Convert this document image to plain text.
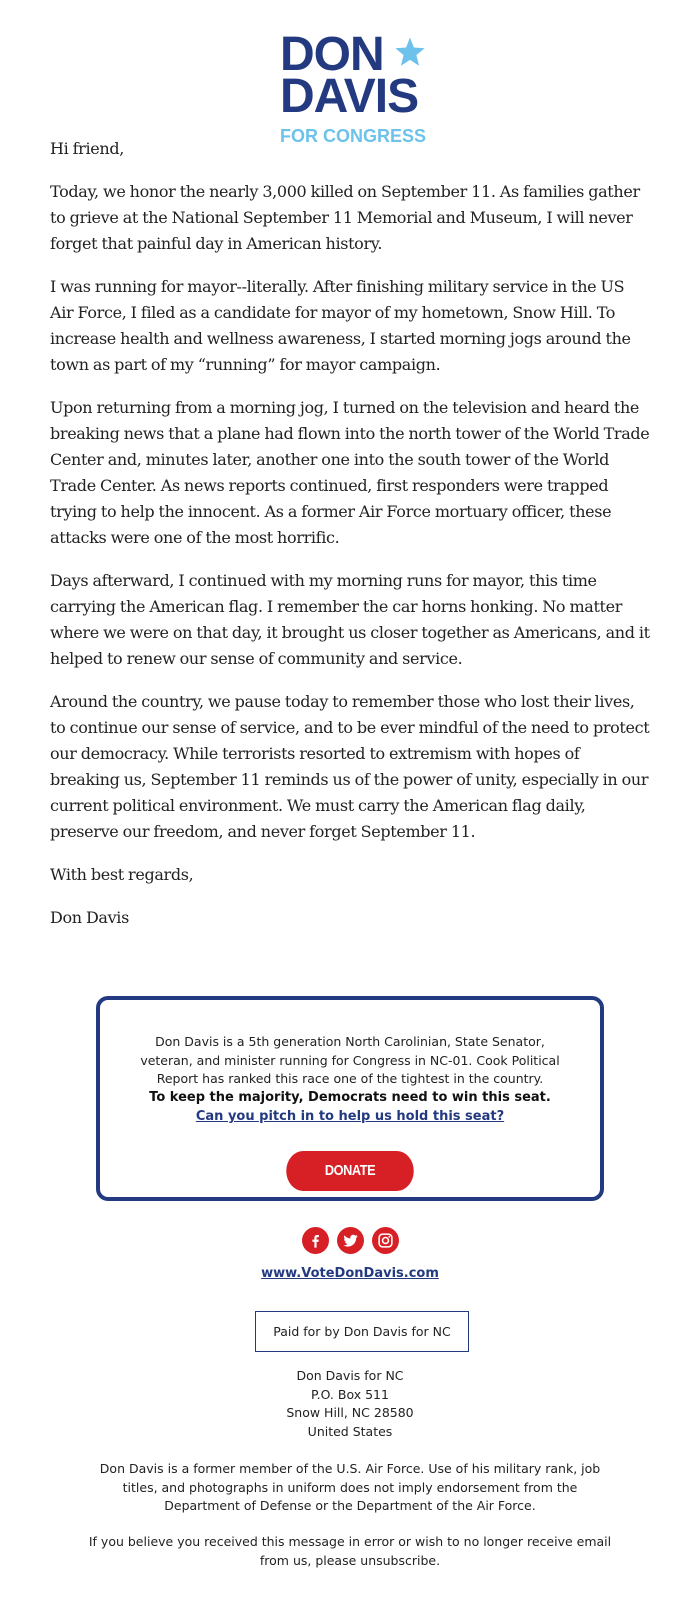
DON
DAVIS
FOR CONGRESS

Hi friend,

Today, we honor the nearly 3,000 killed on September 11. As families gather to grieve at the National September 11 Memorial and Museum, I will never forget that painful day in American history.

I was running for mayor--literally. After finishing military service in the US Air Force, I filed as a candidate for mayor of my hometown, Snow Hill. To increase health and wellness awareness, I started morning jogs around the town as part of my “running” for mayor campaign.

Upon returning from a morning jog, I turned on the television and heard the breaking news that a plane had flown into the north tower of the World Trade Center and, minutes later, another one into the south tower of the World Trade Center. As news reports continued, first responders were trapped trying to help the innocent. As a former Air Force mortuary officer, these attacks were one of the most horrific.

Days afterward, I continued with my morning runs for mayor, this time carrying the American flag. I remember the car horns honking. No matter where we were on that day, it brought us closer together as Americans, and it helped to renew our sense of community and service.

Around the country, we pause today to remember those who lost their lives, to continue our sense of service, and to be ever mindful of the need to protect our democracy. While terrorists resorted to extremism with hopes of breaking us, September 11 reminds us of the power of unity, especially in our current political environment. We must carry the American flag daily, preserve our freedom, and never forget September 11.

With best regards,

Don Davis

Don Davis is a 5th generation North Carolinian, State Senator, veteran, and minister running for Congress in NC-01. Cook Political Report has ranked this race one of the tightest in the country.
To keep the majority, Democrats need to win this seat.
Can you pitch in to help us hold this seat?
DONATE
www.VoteDonDavis.com
Paid for by Don Davis for NC
Don Davis for NC
P.O. Box 511
Snow Hill, NC 28580
United States
Don Davis is a former member of the U.S. Air Force. Use of his military rank, job
titles, and photographs in uniform does not imply endorsement from the
Department of Defense or the Department of the Air Force.
If you believe you received this message in error or wish to no longer receive email
from us, please unsubscribe.
